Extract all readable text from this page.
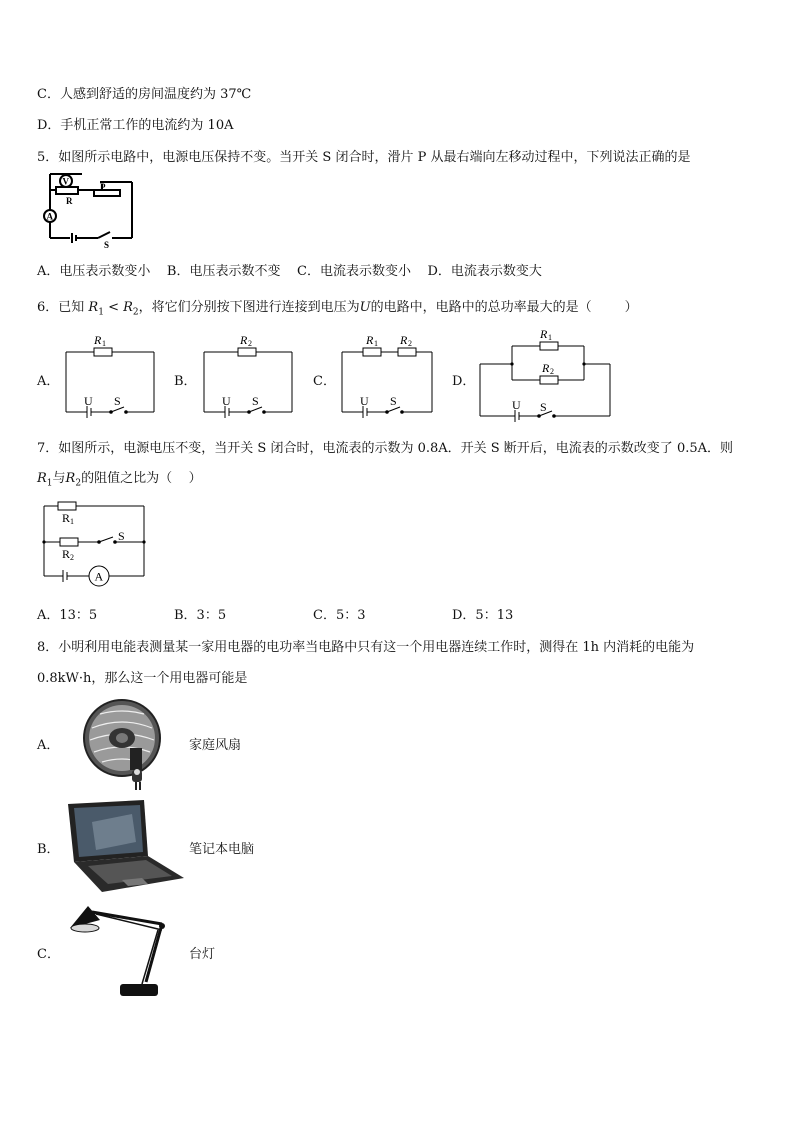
C．人感到舒适的房间温度约为 37℃
D．手机正常工作的电流约为 10A
5．如图所示电路中，电源电压保持不变。当开关 S 闭合时，滑片 P 从最右端向左移动过程中，下列说法正确的是
V
A
R
P
S
A．电压表示数变小    B．电压表示数不变    C．电流表示数变小    D．电流表示数变大
6．已知 $R_1 < R_2$，将它们分别按下图进行连接到电压为U的电路中，电路中的总功率最大的是（        ）
A．
R 1
U S
B．
R 2
U S
C．
R 1 R 2
U S
D．
R 1
R 2
U S
7．如图所示，电源电压不变，当开关 S 闭合时，电流表的示数为 0.8A．开关 S 断开后，电流表的示数改变了 0.5A．则
$R_1$与$R_2$的阻值之比为（    ）
A
R 1
R 2
S
A．13：5	B．3：5	C．5：3	D．5：13
8．小明利用电能表测量某一家用电器的电功率当电路中只有这一个用电器连续工作时，测得在 1h 内消耗的电能为
0.8kW·h，那么这一个用电器可能是
A．	家庭风扇
B．	笔记本电脑
C．	台灯
